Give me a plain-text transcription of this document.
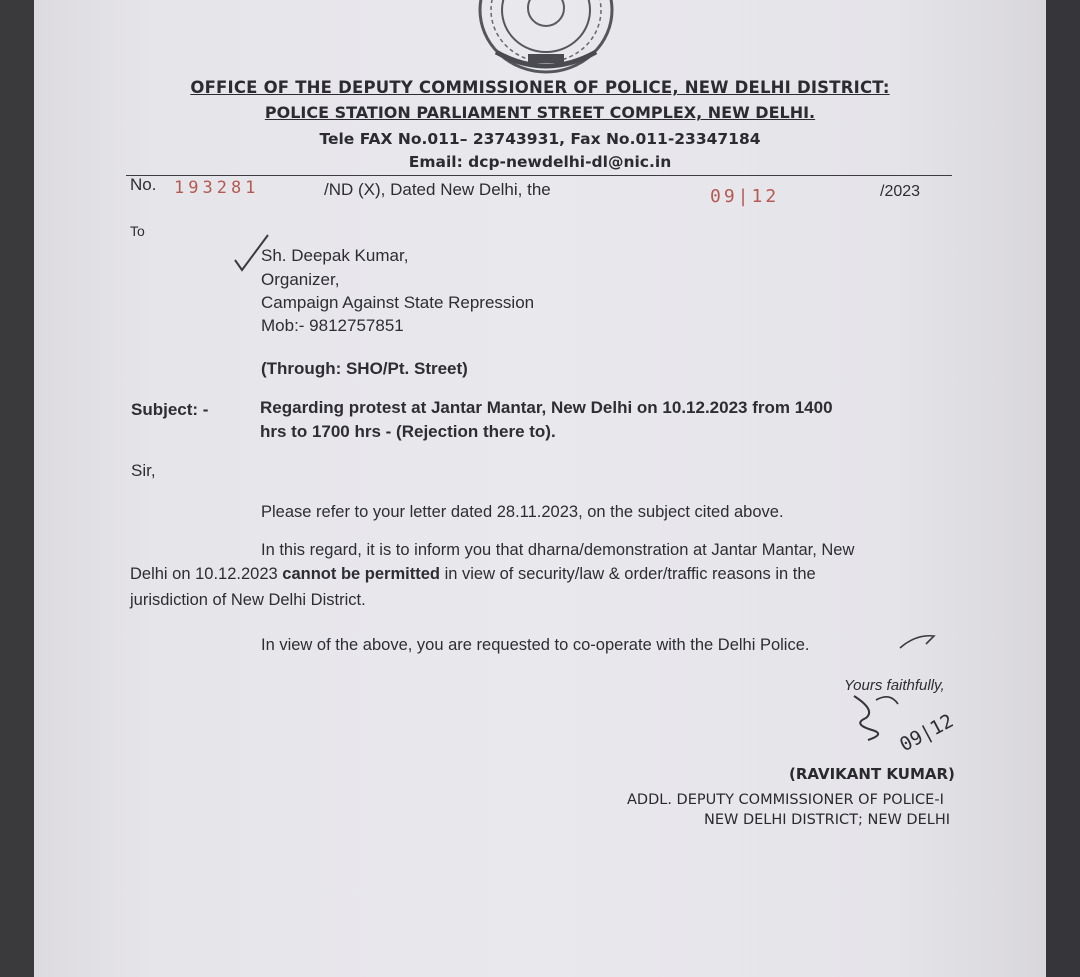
OFFICE OF THE DEPUTY COMMISSIONER OF POLICE, NEW DELHI DISTRICT:
POLICE STATION PARLIAMENT STREET COMPLEX, NEW DELHI.
Tele FAX No.011– 23743931, Fax No.011-23347184
Email: dcp-newdelhi-dl@nic.in
No. 193281	/ND (X), Dated New Delhi, the	09|12	/2023
To
Sh. Deepak Kumar,
Organizer,
Campaign Against State Repression
Mob:- 9812757851
(Through: SHO/Pt. Street)
Subject: -	Regarding protest at Jantar Mantar, New Delhi on 10.12.2023 from 1400
hrs to 1700 hrs - (Rejection there to).
Sir,
Please refer to your letter dated 28.11.2023, on the subject cited above.
In this regard, it is to inform you that dharna/demonstration at Jantar Mantar, New
Delhi on 10.12.2023 cannot be permitted in view of security/law & order/traffic reasons in the
jurisdiction of New Delhi District.
In view of the above, you are requested to co-operate with the Delhi Police.
Yours faithfully,
09|12
(RAVIKANT KUMAR)
ADDL. DEPUTY COMMISSIONER OF POLICE-I
NEW DELHI DISTRICT; NEW DELHI
